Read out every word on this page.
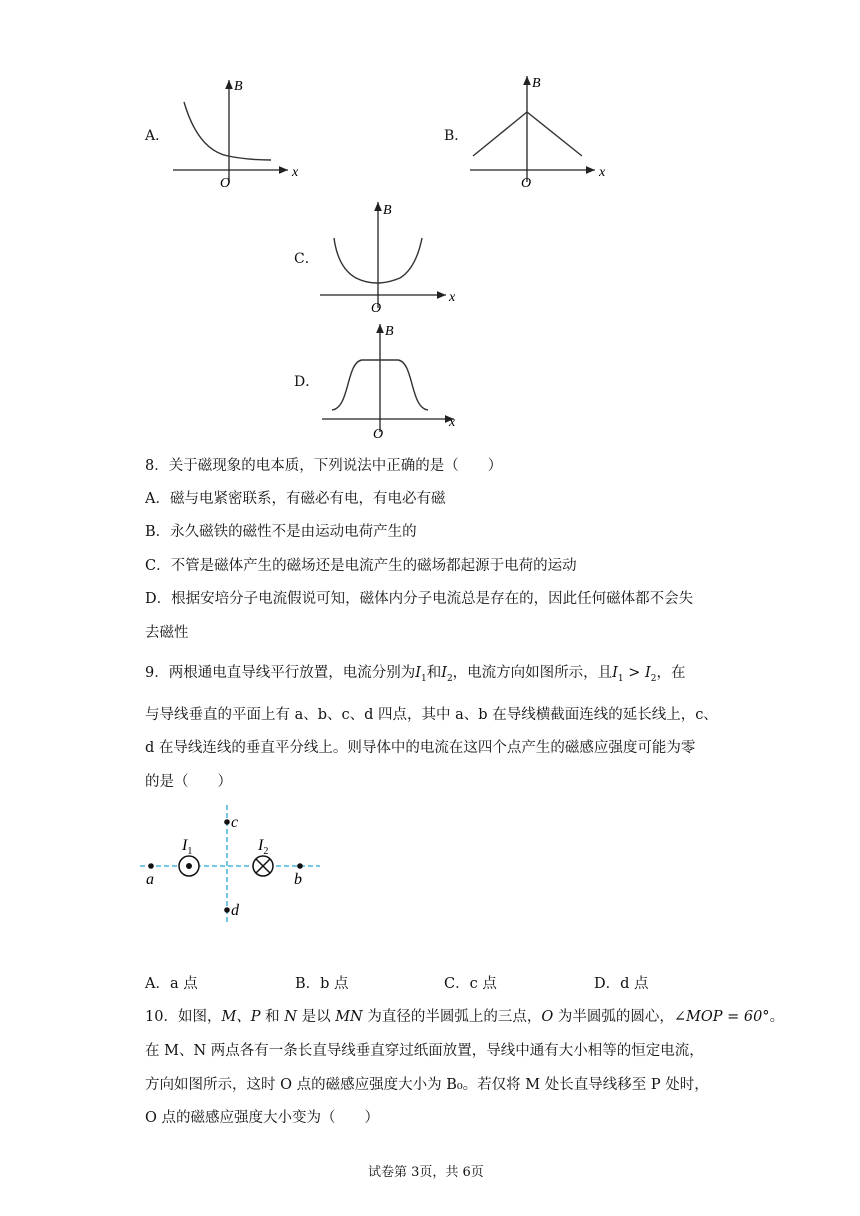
A．
B
x
O
B．
B
x
O
C．
B
x
O
D．
B
x
O
8．关于磁现象的电本质，下列说法中正确的是（　　）
A．磁与电紧密联系，有磁必有电，有电必有磁
B．永久磁铁的磁性不是由运动电荷产生的
C．不管是磁体产生的磁场还是电流产生的磁场都起源于电荷的运动
D．根据安培分子电流假说可知，磁体内分子电流总是存在的，因此任何磁体都不会失
去磁性
9．两根通电直导线平行放置，电流分别为$I_1$和$I_2$，电流方向如图所示，且$I_1 > I_2$，在
与导线垂直的平面上有 a、b、c、d 四点，其中 a、b 在导线横截面连线的延长线上，c、
d 在导线连线的垂直平分线上。则导体中的电流在这四个点产生的磁感应强度可能为零
的是（　　）
a	b
c
d
$I_1$	$I_2$
A．a 点	B．b 点	C．c 点	D．d 点
10．如图，M、P 和 N 是以 MN 为直径的半圆弧上的三点，O 为半圆弧的圆心，∠MOP = 60°。
在 M、N 两点各有一条长直导线垂直穿过纸面放置，导线中通有大小相等的恒定电流，
方向如图所示，这时 O 点的磁感应强度大小为 B₀。若仅将 M 处长直导线移至 P 处时，
O 点的磁感应强度大小变为（　　）
试卷第 3页，共 6页
